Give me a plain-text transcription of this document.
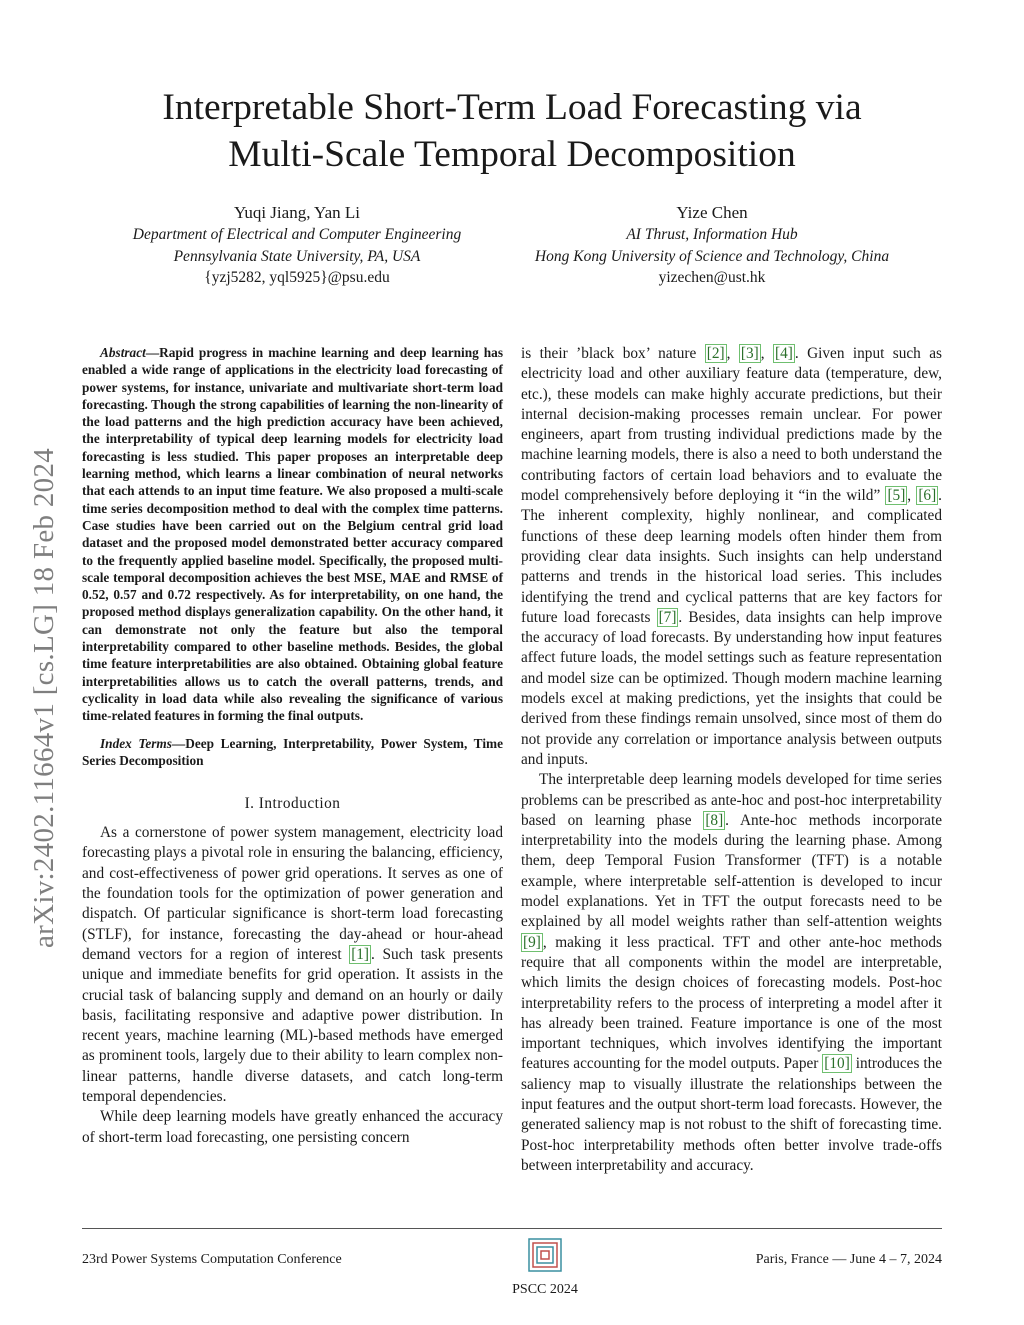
Interpretable Short-Term Load Forecasting via
Multi-Scale Temporal Decomposition
Yuqi Jiang, Yan Li
Department of Electrical and Computer Engineering
Pennsylvania State University, PA, USA
{yzj5282, yql5925}@psu.edu
Yize Chen
AI Thrust, Information Hub
Hong Kong University of Science and Technology, China
yizechen@ust.hk
arXiv:2402.11664v1 [cs.LG] 18 Feb 2024

Abstract—Rapid progress in machine learning and deep learning has enabled a wide range of applications in the electricity load forecasting of power systems, for instance, univariate and multivariate short-term load forecasting. Though the strong capabilities of learning the non-linearity of the load patterns and the high prediction accuracy have been achieved, the interpretability of typical deep learning models for electricity load forecasting is less studied. This paper proposes an interpretable deep learning method, which learns a linear combination of neural networks that each attends to an input time feature. We also proposed a multi-scale time series decomposition method to deal with the complex time patterns. Case studies have been carried out on the Belgium central grid load dataset and the proposed model demonstrated better accuracy compared to the frequently applied baseline model. Specifically, the proposed multi-scale temporal decomposition achieves the best MSE, MAE and RMSE of 0.52, 0.57 and 0.72 respectively. As for interpretability, on one hand, the proposed method displays generalization capability. On the other hand, it can demonstrate not only the feature but also the temporal interpretability compared to other baseline methods. Besides, the global time feature interpretabilities are also obtained. Obtaining global feature interpretabilities allows us to catch the overall patterns, trends, and cyclicality in load data while also revealing the significance of various time-related features in forming the final outputs.

Index Terms—Deep Learning, Interpretability, Power System, Time Series Decomposition

I. Introduction

As a cornerstone of power system management, electricity load forecasting plays a pivotal role in ensuring the balancing, efficiency, and cost-effectiveness of power grid operations. It serves as one of the foundation tools for the optimization of power generation and dispatch. Of particular significance is short-term load forecasting (STLF), for instance, forecasting the day-ahead or hour-ahead demand vectors for a region of interest [1] . Such task presents unique and immediate benefits for grid operation. It assists in the crucial task of balancing supply and demand on an hourly or daily basis, facilitating responsive and adaptive power distribution. In recent years, machine learning (ML)-based methods have emerged as prominent tools, largely due to their ability to learn complex non-linear patterns, handle diverse datasets, and catch long-term temporal dependencies.

While deep learning models have greatly enhanced the accuracy of short-term load forecasting, one persisting concern

is their ’black box’ nature [2] , [3] , [4] . Given input such as electricity load and other auxiliary feature data (temperature, dew, etc.), these models can make highly accurate predictions, but their internal decision-making processes remain unclear. For power engineers, apart from trusting individual predictions made by the machine learning models, there is also a need to both understand the contributing factors of certain load behaviors and to evaluate the model comprehensively before deploying it “in the wild” [5] , [6] . The inherent complexity, highly nonlinear, and complicated functions of these deep learning models often hinder them from providing clear data insights. Such insights can help understand patterns and trends in the historical load series. This includes identifying the trend and cyclical patterns that are key factors for future load forecasts [7] . Besides, data insights can help improve the accuracy of load forecasts. By understanding how input features affect future loads, the model settings such as feature representation and model size can be optimized. Though modern machine learning models excel at making predictions, yet the insights that could be derived from these findings remain unsolved, since most of them do not provide any correlation or importance analysis between outputs and inputs.

The interpretable deep learning models developed for time series problems can be prescribed as ante-hoc and post-hoc interpretability based on learning phase [8] . Ante-hoc methods incorporate interpretability into the models during the learning phase. Among them, deep Temporal Fusion Transformer (TFT) is a notable example, where interpretable self-attention is developed to incur model explanations. Yet in TFT the output forecasts need to be explained by all model weights rather than self-attention weights [9] , making it less practical. TFT and other ante-hoc methods require that all components within the model are interpretable, which limits the design choices of forecasting models. Post-hoc interpretability refers to the process of interpreting a model after it has already been trained. Feature importance is one of the most important techniques, which involves identifying the important features accounting for the model outputs. Paper [10] introduces the saliency map to visually illustrate the relationships between the input features and the output short-term load forecasts. However, the generated saliency map is not robust to the shift of forecasting time. Post-hoc interpretability methods often better involve trade-offs between interpretability and accuracy.

23rd Power Systems Computation Conference
PSCC 2024
Paris, France — June 4 – 7, 2024
